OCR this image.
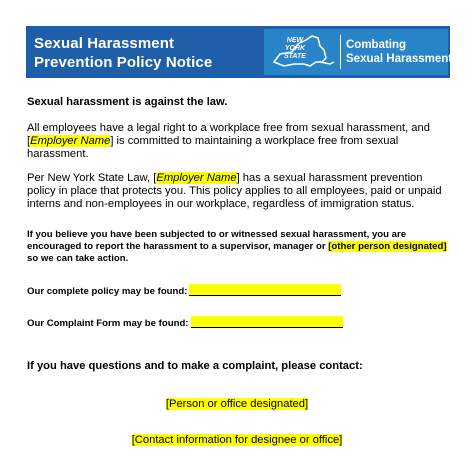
Sexual Harassment
Prevention Policy Notice
NEW
YORK
STATE
Combating
Sexual Harassment
Sexual harassment is against the law.
All employees have a legal right to a workplace free from sexual harassment, and
[Employer Name] is committed to maintaining a workplace free from sexual
harassment.
Per New York State Law, [Employer Name] has a sexual harassment prevention
policy in place that protects you. This policy applies to all employees, paid or unpaid
interns and non-employees in our workplace, regardless of immigration status.
If you believe you have been subjected to or witnessed sexual harassment, you are
encouraged to report the harassment to a supervisor, manager or [other person designated]
so we can take action.
Our complete policy may be found:
Our Complaint Form may be found:
If you have questions and to make a complaint, please contact:
[Person or office designated]
[Contact information for designee or office]
